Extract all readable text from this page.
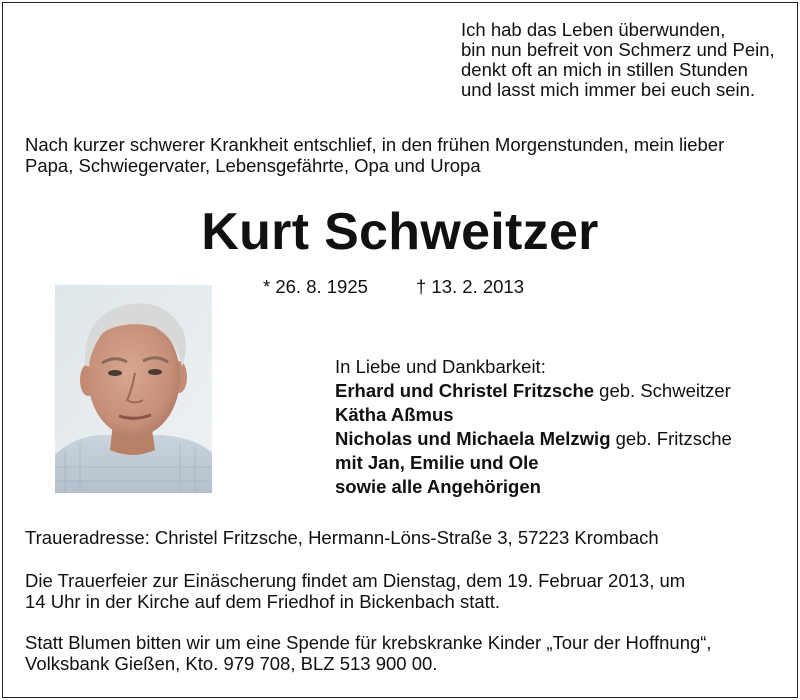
Ich hab das Leben überwunden,
bin nun befreit von Schmerz und Pein,
denkt oft an mich in stillen Stunden
und lasst mich immer bei euch sein.
Nach kurzer schwerer Krankheit entschlief, in den frühen Morgenstunden, mein lieber
Papa, Schwiegervater, Lebensgefährte, Opa und Uropa
Kurt Schweitzer
* 26. 8. 1925	† 13. 2. 2013
In Liebe und Dankbarkeit:
Erhard und Christel Fritzsche geb. Schweitzer
Kätha Aßmus
Nicholas und Michaela Melzwig geb. Fritzsche
mit Jan, Emilie und Ole
sowie alle Angehörigen
Traueradresse: Christel Fritzsche, Hermann-Löns-Straße 3, 57223 Krombach
Die Trauerfeier zur Einäscherung findet am Dienstag, dem 19. Februar 2013, um
14 Uhr in der Kirche auf dem Friedhof in Bickenbach statt.
Statt Blumen bitten wir um eine Spende für krebskranke Kinder „Tour der Hoffnung“,
Volksbank Gießen, Kto. 979 708, BLZ 513 900 00.
